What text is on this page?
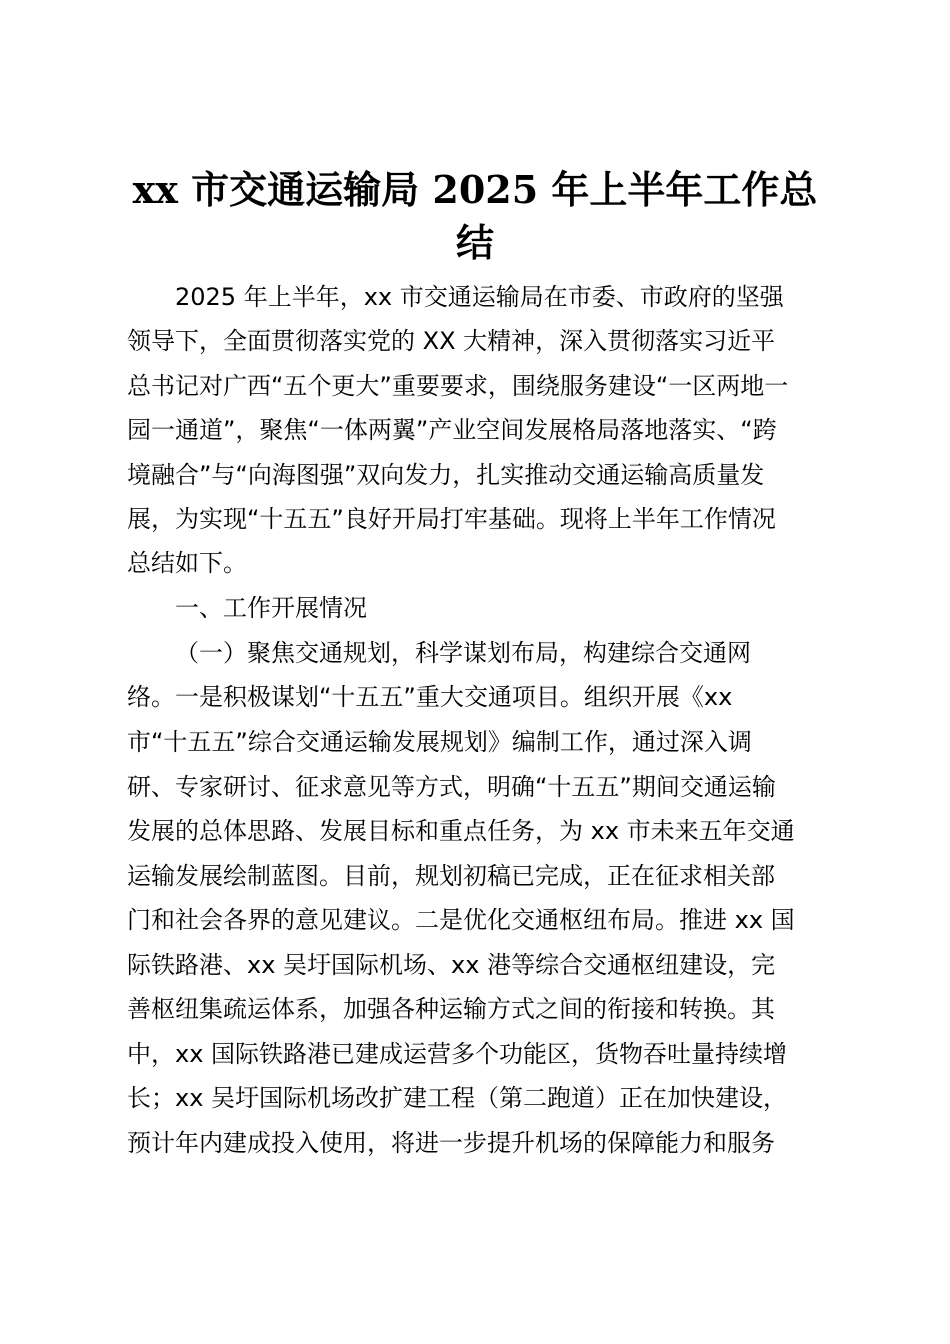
xx 市交通运输局 2025 年上半年工作总
结
2025 年上半年，xx 市交通运输局在市委、市政府的坚强
领导下，全面贯彻落实党的 XX 大精神，深入贯彻落实习近平
总书记对广西“五个更大”重要要求，围绕服务建设“一区两地一
园一通道”，聚焦“一体两翼”产业空间发展格局落地落实、“跨
境融合”与“向海图强”双向发力，扎实推动交通运输高质量发
展，为实现“十五五”良好开局打牢基础。现将上半年工作情况
总结如下。
一、工作开展情况
（一）聚焦交通规划，科学谋划布局，构建综合交通网
络。一是积极谋划“十五五”重大交通项目。组织开展《xx
市“十五五”综合交通运输发展规划》编制工作，通过深入调
研、专家研讨、征求意见等方式，明确“十五五”期间交通运输
发展的总体思路、发展目标和重点任务，为 xx 市未来五年交通
运输发展绘制蓝图。目前，规划初稿已完成，正在征求相关部
门和社会各界的意见建议。二是优化交通枢纽布局。推进 xx 国
际铁路港、xx 吴圩国际机场、xx 港等综合交通枢纽建设，完
善枢纽集疏运体系，加强各种运输方式之间的衔接和转换。其
中，xx 国际铁路港已建成运营多个功能区，货物吞吐量持续增
长；xx 吴圩国际机场改扩建工程（第二跑道）正在加快建设，
预计年内建成投入使用，将进一步提升机场的保障能力和服务
